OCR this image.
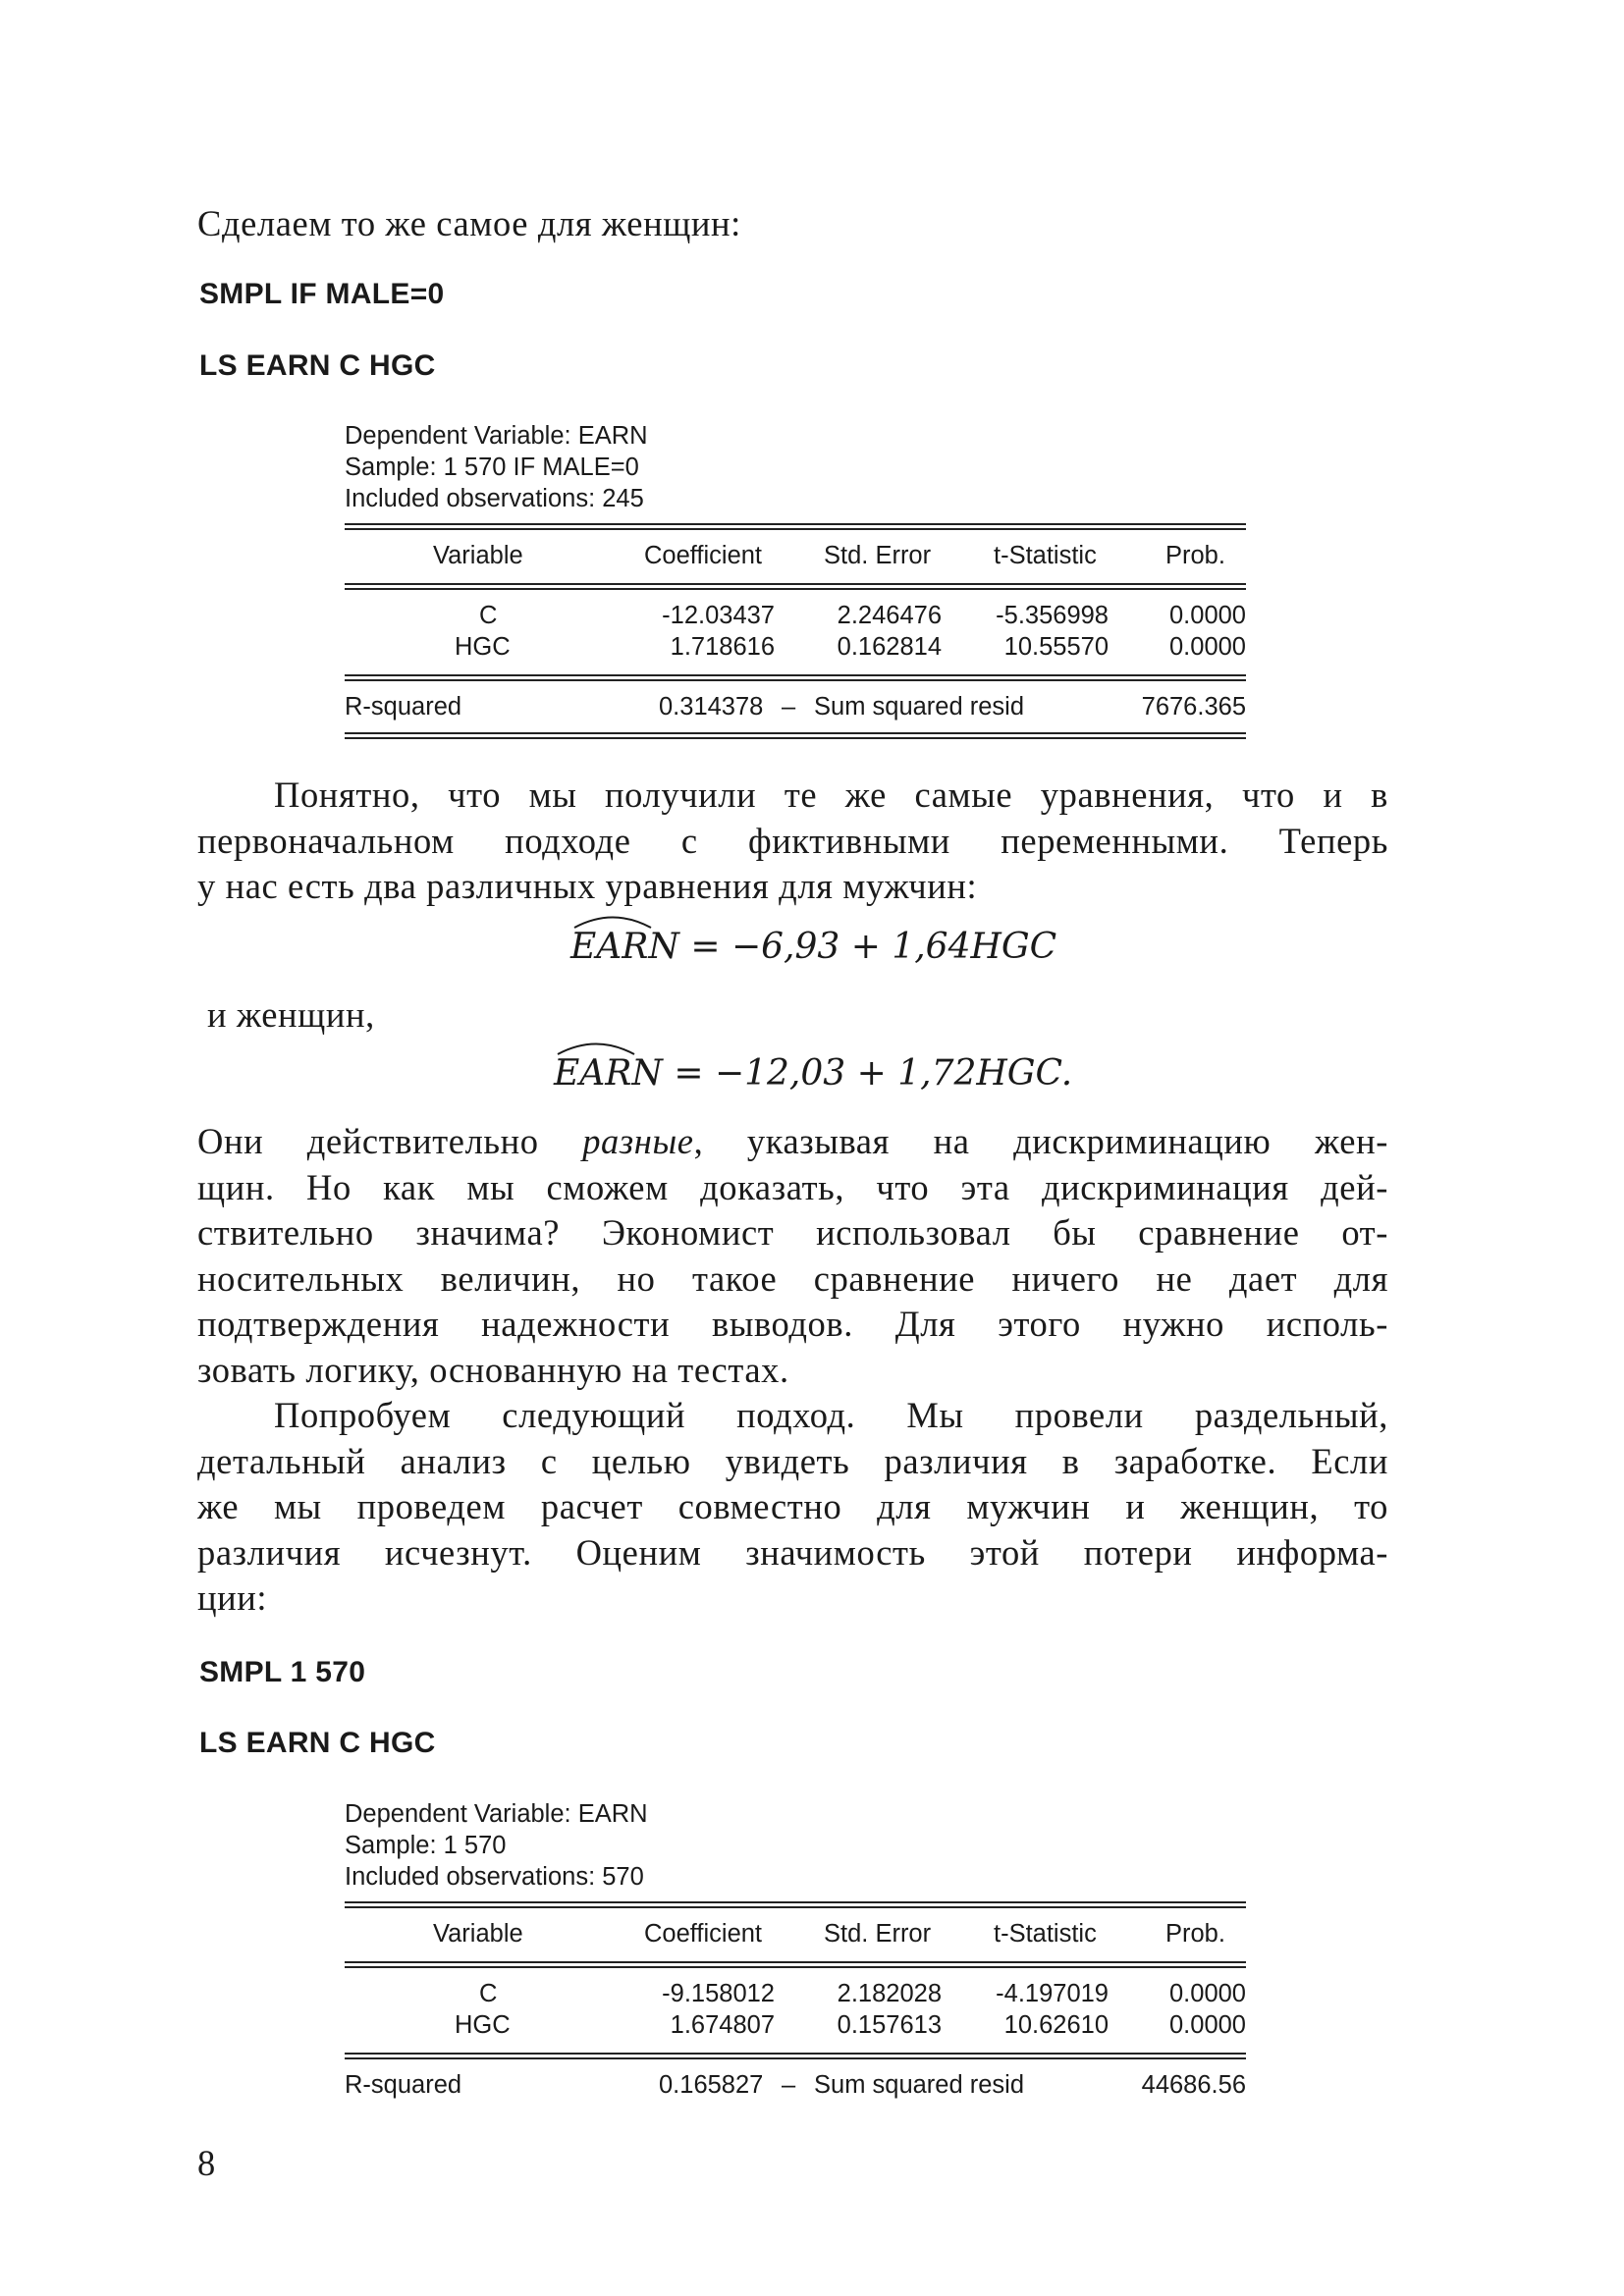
Сделаем то же самое для женщин:
SMPL IF MALE=0
LS EARN C HGC
Dependent Variable: EARN
Sample: 1 570 IF MALE=0
Included observations: 245
Variable	Coefficient Std. Error	t-Statistic	Prob.
C	-12.03437 2.246476 -5.356998 0.0000
HGC	1.718616 0.162814 10.55570 0.0000
R-squared	0.314378 – Sum squared resid	7676.365
Понятно, что мы получили те же самые уравнения, что и в
первоначальном подходе с фиктивными переменными. Теперь
у нас есть два различных уравнения для мужчин:
EARN = −6,93 + 1,64HGC
и женщин,
EARN = −12,03 + 1,72HGC.
Они действительно разные, указывая на дискриминацию жен-
щин. Но как мы сможем доказать, что эта дискриминация дей-
ствительно значима? Экономист использовал бы сравнение от-
носительных величин, но такое сравнение ничего не дает для
подтверждения надежности выводов. Для этого нужно исполь-
зовать логику, основанную на тестах.
Попробуем следующий подход. Мы провели раздельный,
детальный анализ с целью увидеть различия в заработке. Если
же мы проведем расчет совместно для мужчин и женщин, то
различия исчезнут. Оценим значимость этой потери информа-
ции:
SMPL 1 570
LS EARN C HGC
Dependent Variable: EARN
Sample: 1 570
Included observations: 570
Variable	Coefficient Std. Error	t-Statistic	Prob.
C	-9.158012 2.182028 -4.197019 0.0000
HGC	1.674807 0.157613 10.62610 0.0000
R-squared	0.165827 – Sum squared resid	44686.56
8
